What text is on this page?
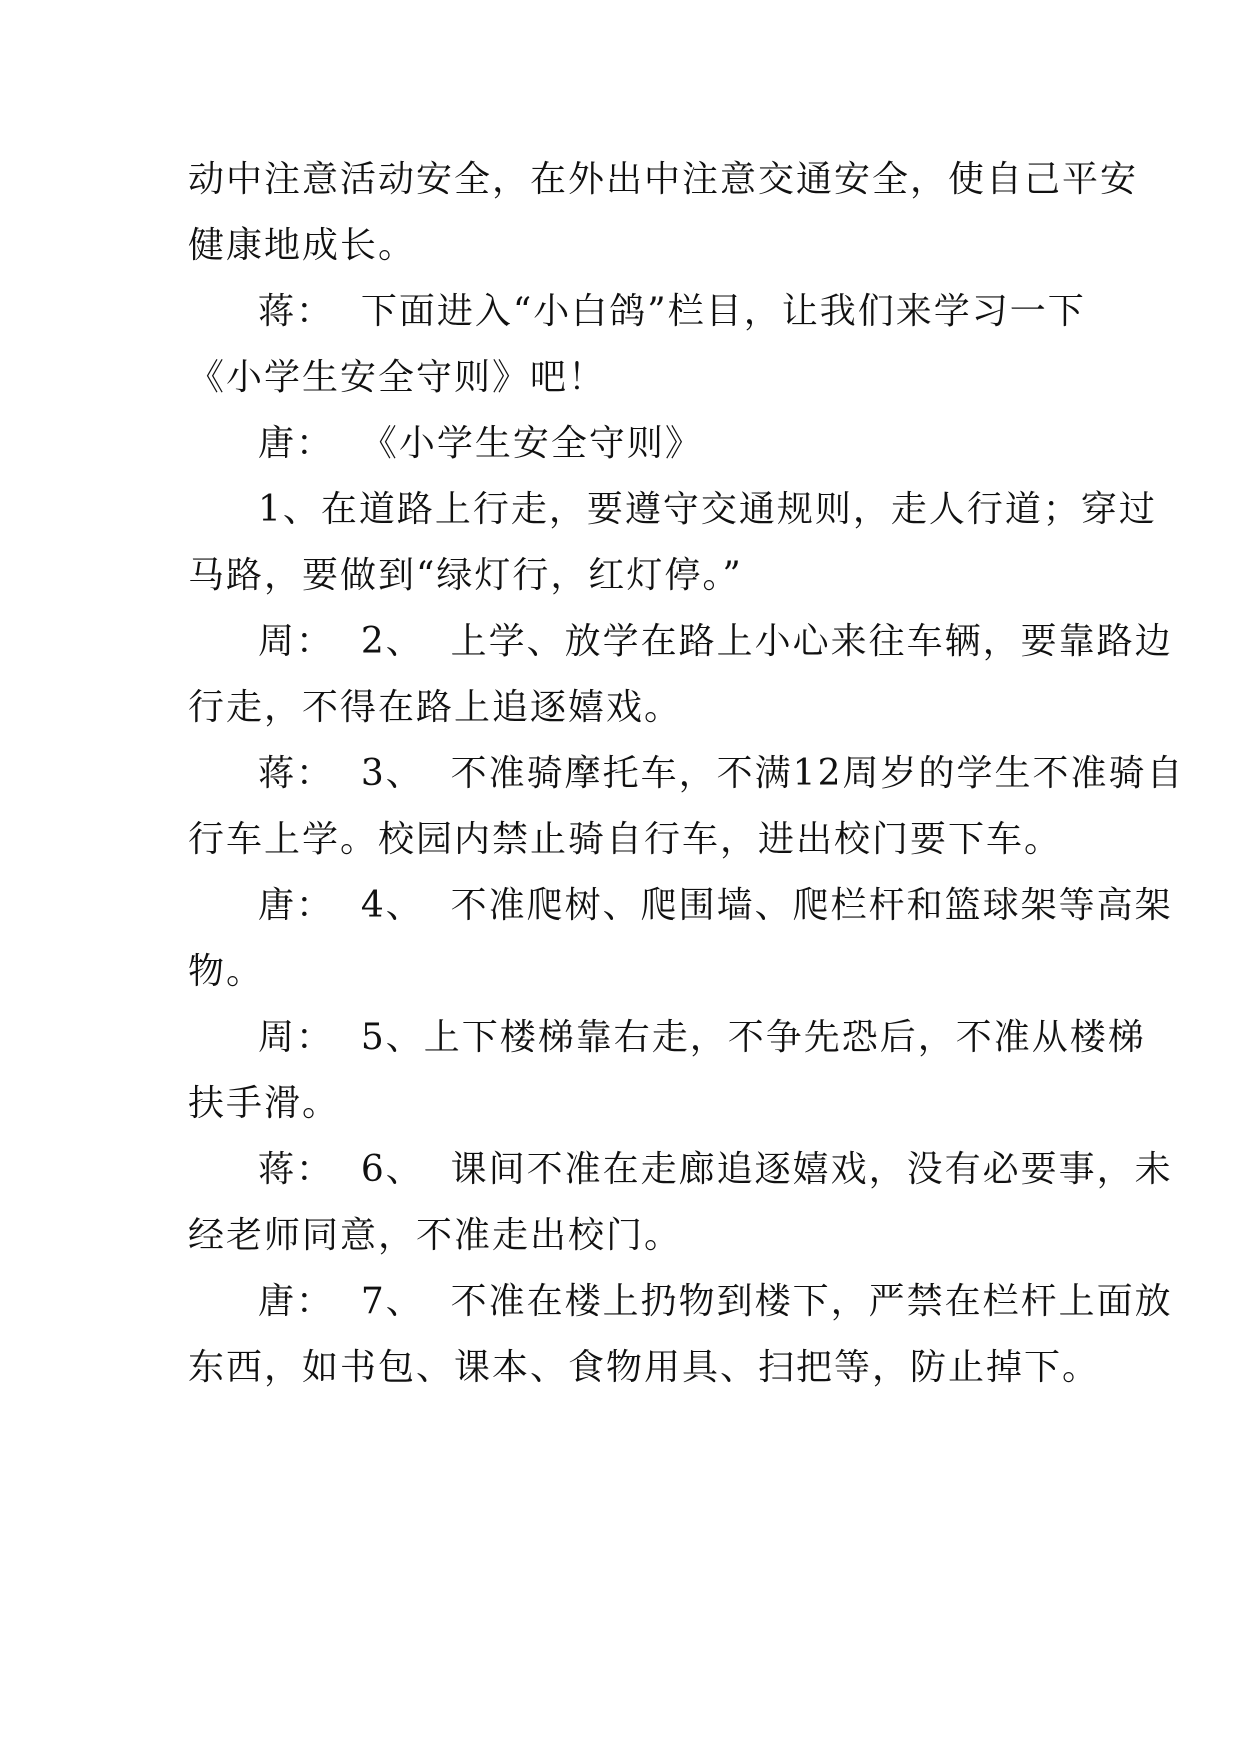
动中注意活动安全，在外出中注意交通安全，使自己平安
健康地成长。
蒋：  下面进入“小白鸽”栏目，让我们来学习一下
《小学生安全守则》吧！
唐：  《小学生安全守则》
1、在道路上行走，要遵守交通规则，走人行道；穿过
马路，要做到“绿灯行，红灯停。”
周：  2、  上学、放学在路上小心来往车辆，要靠路边
行走，不得在路上追逐嬉戏。
蒋：  3、  不准骑摩托车，不满12周岁的学生不准骑自
行车上学。校园内禁止骑自行车，进出校门要下车。
唐：  4、  不准爬树、爬围墙、爬栏杆和篮球架等高架
物。
周：  5、上下楼梯靠右走，不争先恐后，不准从楼梯
扶手滑。
蒋：  6、  课间不准在走廊追逐嬉戏，没有必要事，未
经老师同意，不准走出校门。
唐：  7、  不准在楼上扔物到楼下，严禁在栏杆上面放
东西，如书包、课本、食物用具、扫把等，防止掉下。
